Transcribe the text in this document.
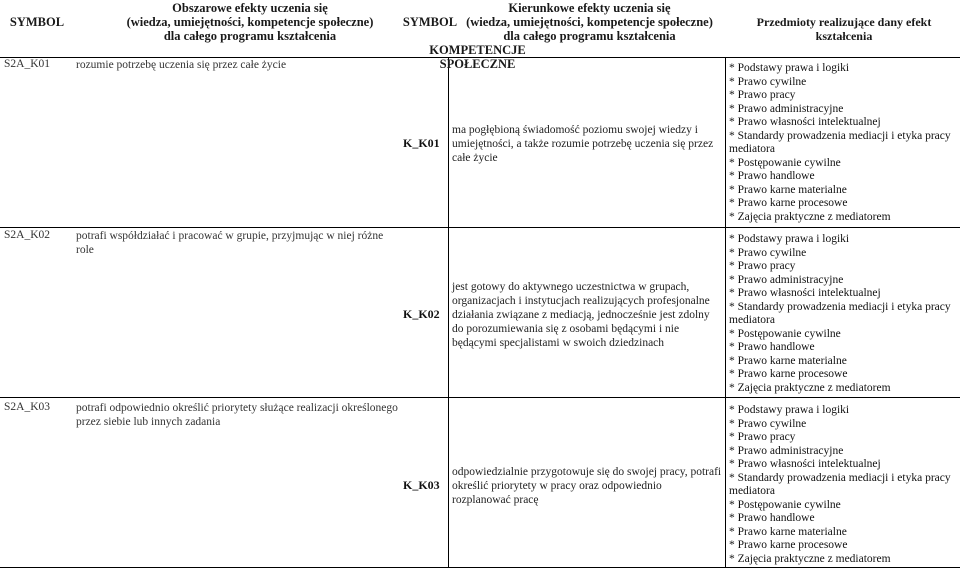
SYMBOL
Obszarowe efekty uczenia się
(wiedza, umiejętności, kompetencje społeczne)
dla całego programu kształcenia
SYMBOL
Kierunkowe efekty uczenia się
(wiedza, umiejętności, kompetencje społeczne)
dla całego programu kształcenia
Przedmioty realizujące dany efekt kształcenia
KOMPETENCJE SPOŁECZNE
S2A_K01 rozumie potrzebę uczenia się przez całe życie
K_K01
ma pogłębioną świadomość poziomu swojej wiedzy i umiejętności, a także rozumie potrzebę uczenia się przez całe życie
* Podstawy prawa i logiki
* Prawo cywilne
* Prawo pracy
* Prawo administracyjne
* Prawo własności intelektualnej
* Standardy prowadzenia mediacji i etyka pracy
mediatora
* Postępowanie cywilne
* Prawo handlowe
* Prawo karne materialne
* Prawo karne procesowe
* Zajęcia praktyczne z mediatorem
S2A_K02 potrafi współdziałać i pracować w grupie, przyjmując w niej różne role
K_K02
jest gotowy do aktywnego uczestnictwa w grupach, organizacjach i instytucjach realizujących profesjonalne działania związane z mediacją, jednocześnie jest zdolny do porozumiewania się z osobami będącymi i nie będącymi specjalistami w swoich dziedzinach
* Podstawy prawa i logiki
* Prawo cywilne
* Prawo pracy
* Prawo administracyjne
* Prawo własności intelektualnej
* Standardy prowadzenia mediacji i etyka pracy
mediatora
* Postępowanie cywilne
* Prawo handlowe
* Prawo karne materialne
* Prawo karne procesowe
* Zajęcia praktyczne z mediatorem
S2A_K03 potrafi odpowiednio określić priorytety służące realizacji określonego przez siebie lub innych zadania
K_K03
odpowiedzialnie przygotowuje się do swojej pracy, potrafi określić priorytety w pracy oraz odpowiednio rozplanować pracę
* Podstawy prawa i logiki
* Prawo cywilne
* Prawo pracy
* Prawo administracyjne
* Prawo własności intelektualnej
* Standardy prowadzenia mediacji i etyka pracy
mediatora
* Postępowanie cywilne
* Prawo handlowe
* Prawo karne materialne
* Prawo karne procesowe
* Zajęcia praktyczne z mediatorem
